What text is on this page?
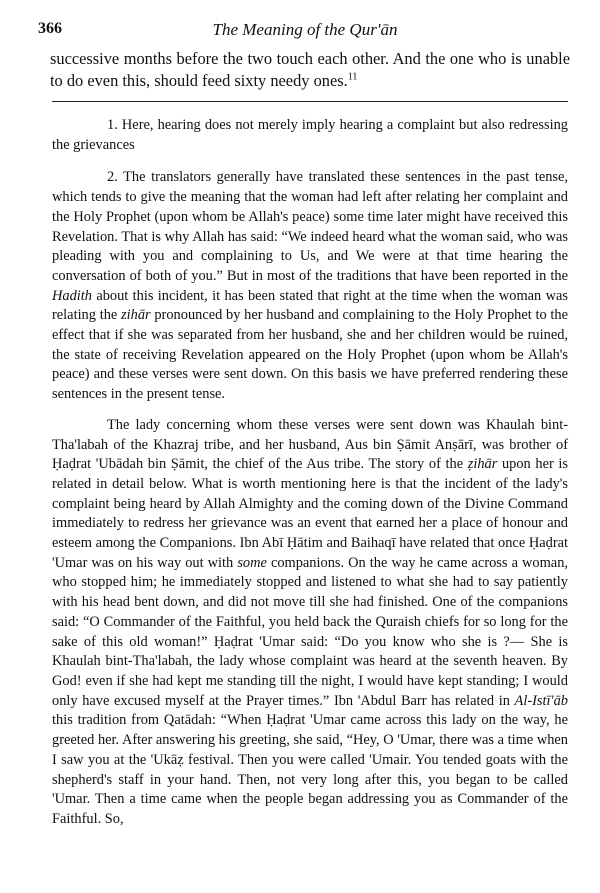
366	The Meaning of the Qur'ān
successive months before the two touch each other. And the one who is unable to do even this, should feed sixty needy ones.$^{11}$

1. Here, hearing does not merely imply hearing a complaint but also redressing the grievances

2. The translators generally have translated these sentences in the past tense, which tends to give the meaning that the woman had left after relating her complaint and the Holy Prophet (upon whom be Allah's peace) some time later might have received this Revelation. That is why Allah has said: “We indeed heard what the woman said, who was pleading with you and complaining to Us, and We were at that time hearing the conversation of both of you.” But in most of the traditions that have been reported in the Hadith about this incident, it has been stated that right at the time when the woman was relating the zihār pronounced by her husband and complaining to the Holy Prophet to the effect that if she was separated from her husband, she and her children would be ruined, the state of receiving Revelation appeared on the Holy Prophet (upon whom be Allah's peace) and these verses were sent down. On this basis we have preferred rendering these sentences in the present tense.

The lady concerning whom these verses were sent down was Khaulah bint-Tha'labah of the Khazraj tribe, and her husband, Aus bin Ṣāmit Anṣārī, was brother of Ḥaḍrat 'Ubādah bin Ṣāmit, the chief of the Aus tribe. The story of the ẓihār upon her is related in detail below. What is worth mentioning here is that the incident of the lady's complaint being heard by Allah Almighty and the coming down of the Divine Command immediately to redress her grievance was an event that earned her a place of honour and esteem among the Companions. Ibn Abī Ḥātim and Baihaqī have related that once Ḥaḍrat 'Umar was on his way out with some companions. On the way he came across a woman, who stopped him; he immediately stopped and listened to what she had to say patiently with his head bent down, and did not move till she had finished. One of the companions said: “O Commander of the Faithful, you held back the Quraish chiefs for so long for the sake of this old woman!” Ḥaḍrat 'Umar said: “Do you know who she is ?— She is Khaulah bint-Tha'labah, the lady whose complaint was heard at the seventh heaven. By God! even if she had kept me standing till the night, I would have kept standing; I would only have excused myself at the Prayer times.” Ibn 'Abdul Barr has related in Al-Istī'āb this tradition from Qatādah: “When Ḥaḍrat 'Umar came across this lady on the way, he greeted her. After answering his greeting, she said, “Hey, O 'Umar, there was a time when I saw you at the 'Ukāẓ festival. Then you were called 'Umair. You tended goats with the shepherd's staff in your hand. Then, not very long after this, you began to be called 'Umar. Then a time came when the people began addressing you as Commander of the Faithful. So,
